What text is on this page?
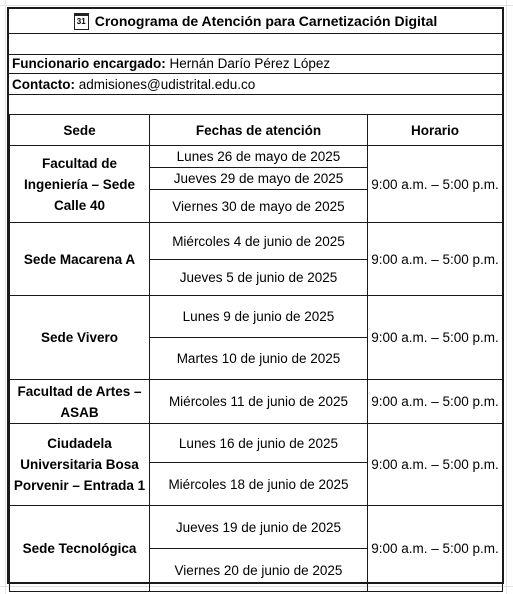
31 Cronograma de Atención para Carnetización Digital
Funcionario encargado: Hernán Darío Pérez López
Contacto: admisiones@udistrital.edu.co
Sede	Fechas de atención	Horario
Facultad de Ingeniería – Sede Calle 40	Lunes 26 de mayo de 2025	9:00 a.m. – 5:00 p.m.
	Jueves 29 de mayo de 2025	
	Viernes 30 de mayo de 2025	
Sede Macarena A	Miércoles 4 de junio de 2025	9:00 a.m. – 5:00 p.m.
	Jueves 5 de junio de 2025	
Sede Vivero	Lunes 9 de junio de 2025	9:00 a.m. – 5:00 p.m.
	Martes 10 de junio de 2025	
Facultad de Artes – ASAB	Miércoles 11 de junio de 2025	9:00 a.m. – 5:00 p.m.
Ciudadela Universitaria Bosa Porvenir – Entrada 1	Lunes 16 de junio de 2025	9:00 a.m. – 5:00 p.m.
	Miércoles 18 de junio de 2025	
Sede Tecnológica	Jueves 19 de junio de 2025	9:00 a.m. – 5:00 p.m.
	Viernes 20 de junio de 2025	
